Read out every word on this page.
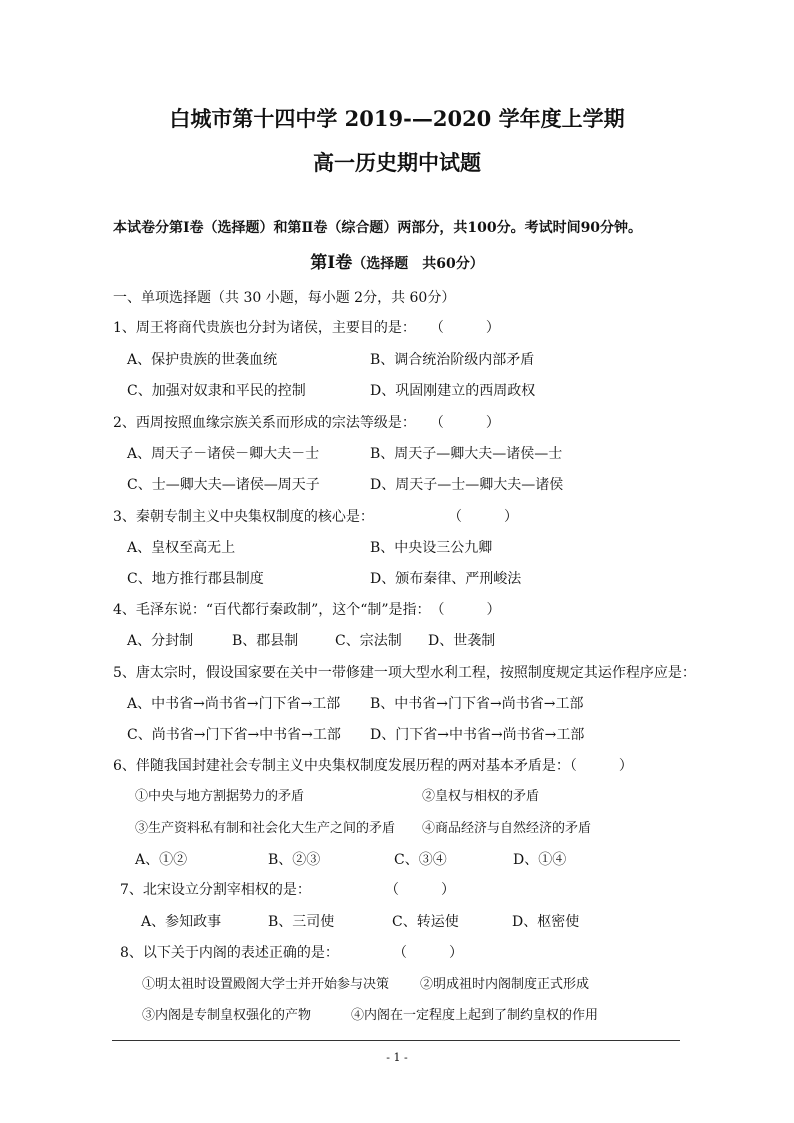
白城市第十四中学 2019-—2020 学年度上学期
高一历史期中试题
本试卷分第Ⅰ卷（选择题）和第Ⅱ卷（综合题）两部分，共100分。考试时间90分钟。
第Ⅰ卷（选择题　共60分）
一、单项选择题（共 30 小题，每小题 2分，共 60分）
1、周王将商代贵族也分封为诸侯，主要目的是：　　（　　　）
A、保护贵族的世袭血统	B、调合统治阶级内部矛盾
C、加强对奴隶和平民的控制	D、巩固刚建立的西周政权
2、西周按照血缘宗族关系而形成的宗法等级是：　　（　　　）
A、周天子－诸侯－卿大夫－士	B、周天子—卿大夫—诸侯—士
C、士—卿大夫—诸侯—周天子	D、周天子—士—卿大夫—诸侯
3、秦朝专制主义中央集权制度的核心是：	（　　　）
A、皇权至高无上	B、中央设三公九卿
C、地方推行郡县制度	D、颁布秦律、严刑峻法
4、毛泽东说：“百代都行秦政制”，这个“制”是指：　（　　　）
A、分封制	B、郡县制	C、宗法制 D、世袭制
5、唐太宗时，假设国家要在关中一带修建一项大型水利工程，按照制度规定其运作程序应是：
A、中书省→尚书省→门下省→工部 B、中书省→门下省→尚书省→工部
C、尚书省→门下省→中书省→工部 D、门下省→中书省→尚书省→工部
6、伴随我国封建社会专制主义中央集权制度发展历程的两对基本矛盾是：（　　　）
①中央与地方割据势力的矛盾	②皇权与相权的矛盾
③生产资料私有制和社会化大生产之间的矛盾 ④商品经济与自然经济的矛盾
A、①②	B、②③	C、③④	D、①④
7、北宋设立分割宰相权的是：	（　　　）
A、参知政事	B、三司使	C、转运使	D、枢密使
8、以下关于内阁的表述正确的是：	（　　　）
①明太祖时设置殿阁大学士并开始参与决策 ②明成祖时内阁制度正式形成
③内阁是专制皇权强化的产物	④内阁在一定程度上起到了制约皇权的作用
- 1 -
